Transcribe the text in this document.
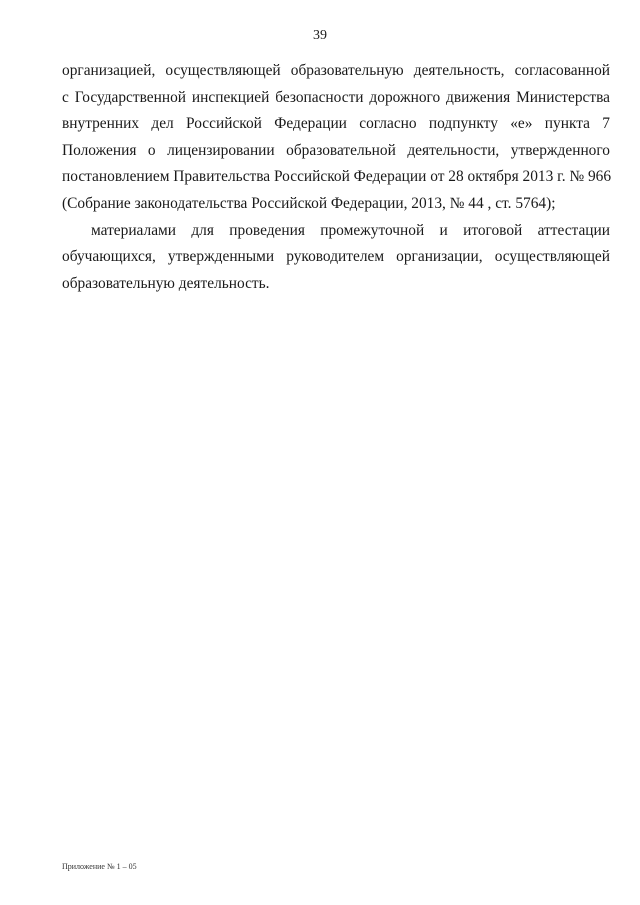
39

организацией, осуществляющей образовательную деятельность, согласованной
с Государственной инспекцией безопасности дорожного движения Министерства
внутренних дел Российской Федерации согласно подпункту «е» пункта 7
Положения о лицензировании образовательной деятельности, утвержденного
постановлением Правительства Российской Федерации от 28 октября 2013 г. № 966
(Собрание законодательства Российской Федерации, 2013, № 44 , ст. 5764);

материалами для проведения промежуточной и итоговой аттестации
обучающихся, утвержденными руководителем организации, осуществляющей
образовательную деятельность.

Приложение № 1 – 05
